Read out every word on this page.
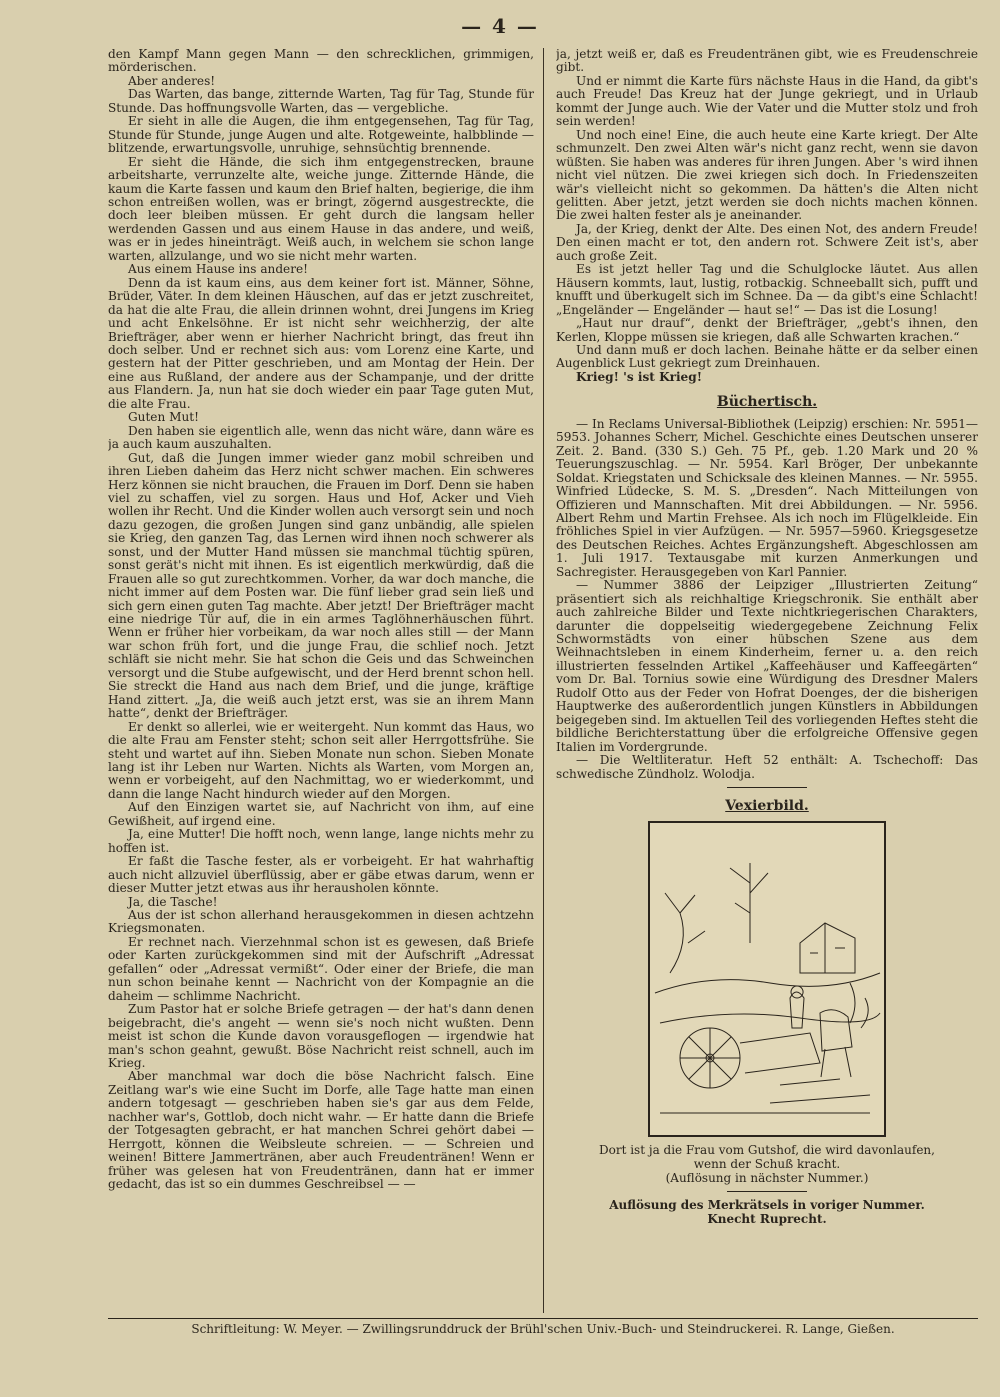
— 4 —

den Kampf Mann gegen Mann — den schrecklichen, grimmigen, mörderischen.

Aber anderes!

Das Warten, das bange, zitternde Warten, Tag für Tag, Stunde für Stunde. Das hoffnungsvolle Warten, das — vergebliche.

Er sieht in alle die Augen, die ihm entgegensehen, Tag für Tag, Stunde für Stunde, junge Augen und alte. Rotgeweinte, halbblinde — blitzende, erwartungsvolle, unruhige, sehnsüchtig brennende.

Er sieht die Hände, die sich ihm entgegenstrecken, braune arbeitsharte, verrunzelte alte, weiche junge. Zitternde Hände, die kaum die Karte fassen und kaum den Brief halten, begierige, die ihm schon entreißen wollen, was er bringt, zögernd ausgestreckte, die doch leer bleiben müssen. Er geht durch die langsam heller werdenden Gassen und aus einem Hause in das andere, und weiß, was er in jedes hineinträgt. Weiß auch, in welchem sie schon lange warten, allzulange, und wo sie nicht mehr warten.

Aus einem Hause ins andere!

Denn da ist kaum eins, aus dem keiner fort ist. Männer, Söhne, Brüder, Väter. In dem kleinen Häuschen, auf das er jetzt zuschreitet, da hat die alte Frau, die allein drinnen wohnt, drei Jungens im Krieg und acht Enkelsöhne. Er ist nicht sehr weichherzig, der alte Briefträger, aber wenn er hierher Nachricht bringt, das freut ihn doch selber. Und er rechnet sich aus: vom Lorenz eine Karte, und gestern hat der Pitter geschrieben, und am Montag der Hein. Der eine aus Rußland, der andere aus der Schampanje, und der dritte aus Flandern. Ja, nun hat sie doch wieder ein paar Tage guten Mut, die alte Frau.

Guten Mut!

Den haben sie eigentlich alle, wenn das nicht wäre, dann wäre es ja auch kaum auszuhalten.

Gut, daß die Jungen immer wieder ganz mobil schreiben und ihren Lieben daheim das Herz nicht schwer machen. Ein schweres Herz können sie nicht brauchen, die Frauen im Dorf. Denn sie haben viel zu schaffen, viel zu sorgen. Haus und Hof, Acker und Vieh wollen ihr Recht. Und die Kinder wollen auch versorgt sein und noch dazu gezogen, die großen Jungen sind ganz unbändig, alle spielen sie Krieg, den ganzen Tag, das Lernen wird ihnen noch schwerer als sonst, und der Mutter Hand müssen sie manchmal tüchtig spüren, sonst gerät's nicht mit ihnen. Es ist eigentlich merkwürdig, daß die Frauen alle so gut zurechtkommen. Vorher, da war doch manche, die nicht immer auf dem Posten war. Die fünf lieber grad sein ließ und sich gern einen guten Tag machte. Aber jetzt! Der Briefträger macht eine niedrige Tür auf, die in ein armes Taglöhnerhäuschen führt. Wenn er früher hier vorbeikam, da war noch alles still — der Mann war schon früh fort, und die junge Frau, die schlief noch. Jetzt schläft sie nicht mehr. Sie hat schon die Geis und das Schweinchen versorgt und die Stube aufgewischt, und der Herd brennt schon hell. Sie streckt die Hand aus nach dem Brief, und die junge, kräftige Hand zittert. „Ja, die weiß auch jetzt erst, was sie an ihrem Mann hatte“, denkt der Briefträger.

Er denkt so allerlei, wie er weitergeht. Nun kommt das Haus, wo die alte Frau am Fenster steht; schon seit aller Herrgottsfrühe. Sie steht und wartet auf ihn. Sieben Monate nun schon. Sieben Monate lang ist ihr Leben nur Warten. Nichts als Warten, vom Morgen an, wenn er vorbeigeht, auf den Nachmittag, wo er wiederkommt, und dann die lange Nacht hindurch wieder auf den Morgen.

Auf den Einzigen wartet sie, auf Nachricht von ihm, auf eine Gewißheit, auf irgend eine.

Ja, eine Mutter! Die hofft noch, wenn lange, lange nichts mehr zu hoffen ist.

Er faßt die Tasche fester, als er vorbeigeht. Er hat wahrhaftig auch nicht allzuviel überflüssig, aber er gäbe etwas darum, wenn er dieser Mutter jetzt etwas aus ihr herausholen könnte.

Ja, die Tasche!

Aus der ist schon allerhand herausgekommen in diesen achtzehn Kriegsmonaten.

Er rechnet nach. Vierzehnmal schon ist es gewesen, daß Briefe oder Karten zurückgekommen sind mit der Aufschrift „Adressat gefallen“ oder „Adressat vermißt“. Oder einer der Briefe, die man nun schon beinahe kennt — Nachricht von der Kompagnie an die daheim — schlimme Nachricht.

Zum Pastor hat er solche Briefe getragen — der hat's dann denen beigebracht, die's angeht — wenn sie's noch nicht wußten. Denn meist ist schon die Kunde davon vorausgeflogen — irgendwie hat man's schon geahnt, gewußt. Böse Nachricht reist schnell, auch im Krieg.

Aber manchmal war doch die böse Nachricht falsch. Eine Zeitlang war's wie eine Sucht im Dorfe, alle Tage hatte man einen andern totgesagt — geschrieben haben sie's gar aus dem Felde, nachher war's, Gottlob, doch nicht wahr. — Er hatte dann die Briefe der Totgesagten gebracht, er hat manchen Schrei gehört dabei — Herrgott, können die Weibsleute schreien. — — Schreien und weinen! Bittere Jammertränen, aber auch Freudentränen! Wenn er früher was gelesen hat von Freudentränen, dann hat er immer gedacht, das ist so ein dummes Geschreibsel — —

ja, jetzt weiß er, daß es Freudentränen gibt, wie es Freudenschreie gibt.

Und er nimmt die Karte fürs nächste Haus in die Hand, da gibt's auch Freude! Das Kreuz hat der Junge gekriegt, und in Urlaub kommt der Junge auch. Wie der Vater und die Mutter stolz und froh sein werden!

Und noch eine! Eine, die auch heute eine Karte kriegt. Der Alte schmunzelt. Den zwei Alten wär's nicht ganz recht, wenn sie davon wüßten. Sie haben was anderes für ihren Jungen. Aber 's wird ihnen nicht viel nützen. Die zwei kriegen sich doch. In Friedenszeiten wär's vielleicht nicht so gekommen. Da hätten's die Alten nicht gelitten. Aber jetzt, jetzt werden sie doch nichts machen können. Die zwei halten fester als je aneinander.

Ja, der Krieg, denkt der Alte. Des einen Not, des andern Freude! Den einen macht er tot, den andern rot. Schwere Zeit ist's, aber auch große Zeit.

Es ist jetzt heller Tag und die Schulglocke läutet. Aus allen Häusern kommts, laut, lustig, rotbackig. Schneeballt sich, pufft und knufft und überkugelt sich im Schnee. Da — da gibt's eine Schlacht! „Engeländer — Engeländer — haut se!“ — Das ist die Losung!

„Haut nur drauf“, denkt der Briefträger, „gebt's ihnen, den Kerlen, Kloppe müssen sie kriegen, daß alle Schwarten krachen.“

Und dann muß er doch lachen. Beinahe hätte er da selber einen Augenblick Lust gekriegt zum Dreinhauen.

Krieg! 's ist Krieg!

Büchertisch.

— In Reclams Universal-Bibliothek (Leipzig) erschien: Nr. 5951—5953. Johannes Scherr, Michel. Geschichte eines Deutschen unserer Zeit. 2. Band. (330 S.) Geh. 75 Pf., geb. 1.20 Mark und 20 % Teuerungszuschlag. — Nr. 5954. Karl Bröger, Der unbekannte Soldat. Kriegstaten und Schicksale des kleinen Mannes. — Nr. 5955. Winfried Lüdecke, S. M. S. „Dresden“. Nach Mitteilungen von Offizieren und Mannschaften. Mit drei Abbildungen. — Nr. 5956. Albert Rehm und Martin Frehsee. Als ich noch im Flügelkleide. Ein fröhliches Spiel in vier Aufzügen. — Nr. 5957—5960. Kriegsgesetze des Deutschen Reiches. Achtes Ergänzungsheft. Abgeschlossen am 1. Juli 1917. Textausgabe mit kurzen Anmerkungen und Sachregister. Herausgegeben von Karl Pannier.

— Nummer 3886 der Leipziger „Illustrierten Zeitung“ präsentiert sich als reichhaltige Kriegschronik. Sie enthält aber auch zahlreiche Bilder und Texte nichtkriegerischen Charakters, darunter die doppelseitig wiedergegebene Zeichnung Felix Schwormstädts von einer hübschen Szene aus dem Weihnachtsleben in einem Kinderheim, ferner u. a. den reich illustrierten fesselnden Artikel „Kaffeehäuser und Kaffeegärten“ vom Dr. Bal. Tornius sowie eine Würdigung des Dresdner Malers Rudolf Otto aus der Feder von Hofrat Doenges, der die bisherigen Hauptwerke des außerordentlich jungen Künstlers in Abbildungen beigegeben sind. Im aktuellen Teil des vorliegenden Heftes steht die bildliche Berichterstattung über die erfolgreiche Offensive gegen Italien im Vordergrunde.

— Die Weltliteratur. Heft 52 enthält: A. Tschechoff: Das schwedische Zündholz. Wolodja.

Vexierbild.
Dort ist ja die Frau vom Gutshof, die wird davonlaufen,
wenn der Schuß kracht.
(Auflösung in nächster Nummer.)
Auflösung des Merkrätsels in voriger Nummer.
Knecht Ruprecht.
Schriftleitung: W. Meyer. — Zwillingsrunddruck der Brühl'schen Univ.-Buch- und Steindruckerei. R. Lange, Gießen.
